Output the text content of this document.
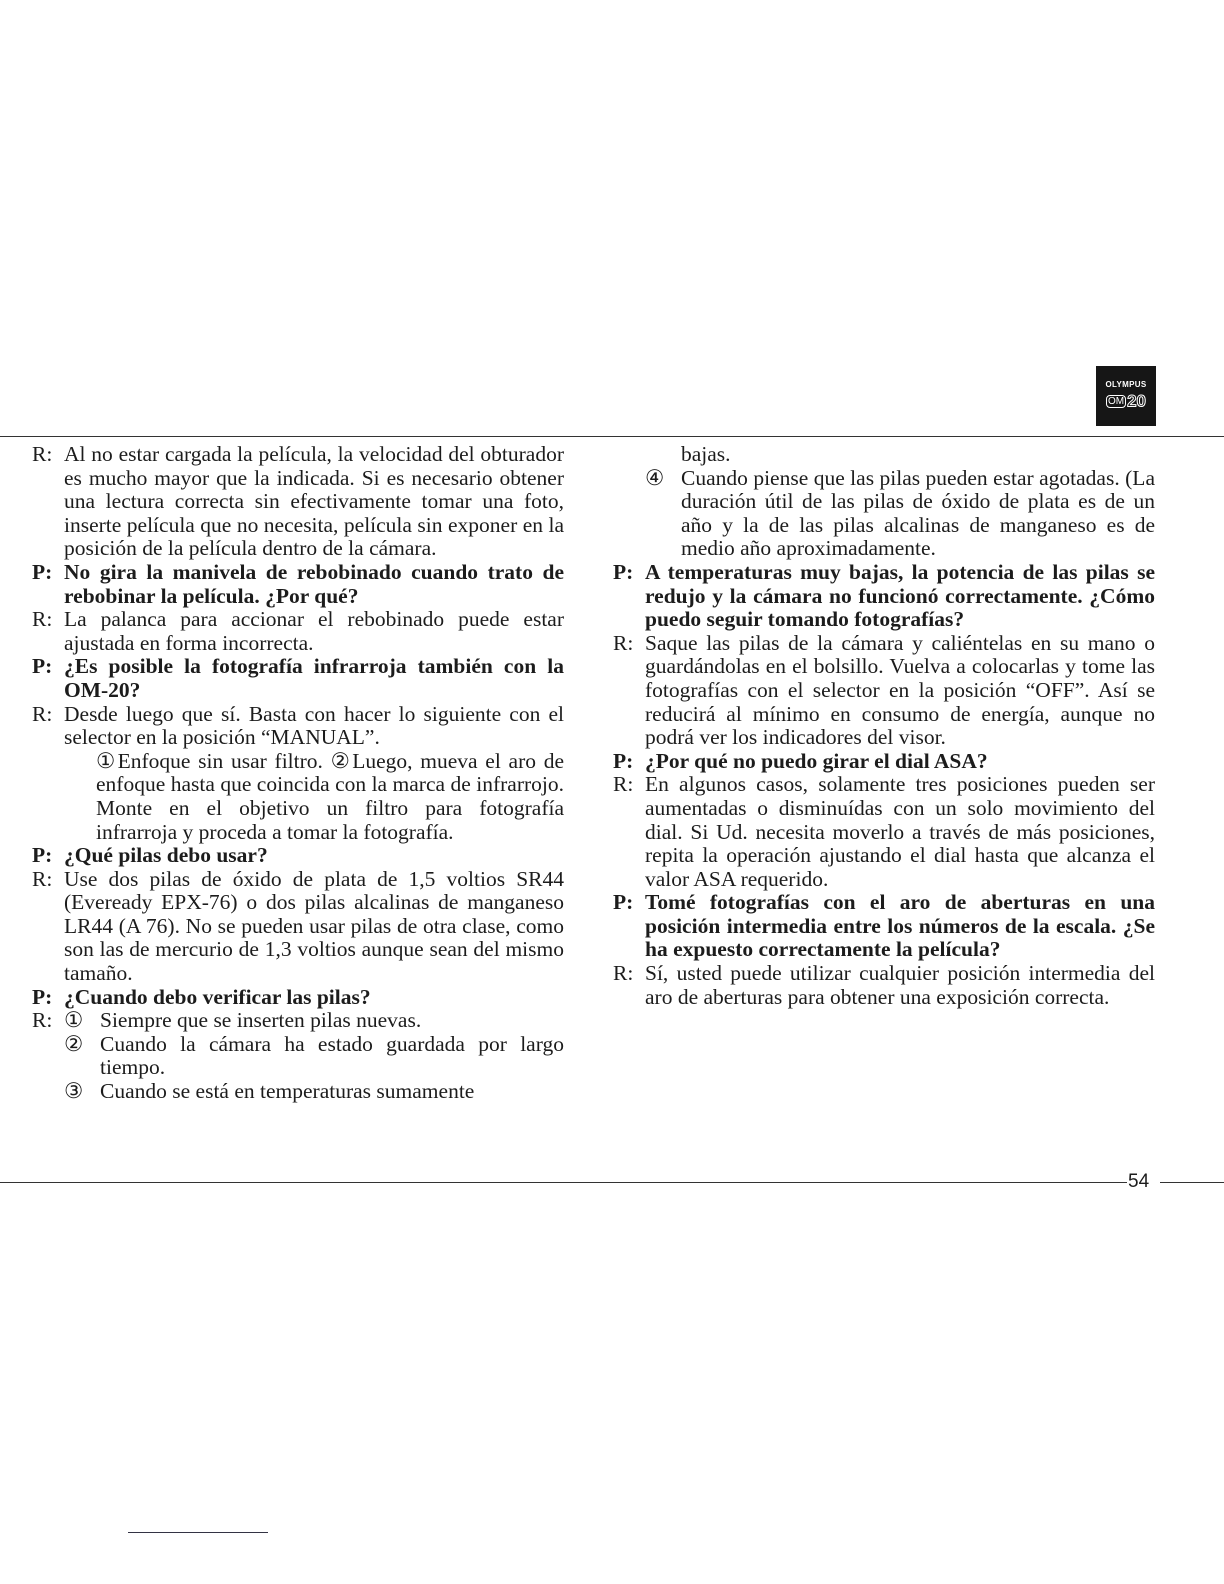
OLYMPUS
OM 20
R: Al no estar cargada la película, la velocidad del obturador es mucho mayor que la indicada. Si es necesario obtener una lectura correcta sin efectivamente tomar una foto, inserte película que no necesita, película sin exponer en la posición de la película dentro de la cámara.
P: No gira la manivela de rebobinado cuando trato de rebobinar la película. ¿Por qué?
R: La palanca para accionar el rebobinado puede estar ajustada en forma incorrecta.
P: ¿Es posible la fotografía infrarroja también con la OM-20?
R: Desde luego que sí. Basta con hacer lo siguiente con el selector en la posición “MANUAL”.
①Enfoque sin usar filtro. ②Luego, mueva el aro de enfoque hasta que coincida con la marca de infrarrojo. Monte en el objetivo un filtro para fotografía infrarroja y proceda a tomar la fotografía.
P: ¿Qué pilas debo usar?
R: Use dos pilas de óxido de plata de 1,5 voltios SR44 (Eveready EPX-76) o dos pilas alcalinas de manganeso LR44 (A 76). No se pueden usar pilas de otra clase, como son las de mercurio de 1,3 voltios aunque sean del mismo tamaño.
P: ¿Cuando debo verificar las pilas?
R: ① Siempre que se inserten pilas nuevas.
② Cuando la cámara ha estado guardada por largo tiempo.
③ Cuando se está en temperaturas sumamente
bajas.
④ Cuando piense que las pilas pueden estar agotadas. (La duración útil de las pilas de óxido de plata es de un año y la de las pilas alcalinas de manganeso es de medio año aproximadamente.
P: A temperaturas muy bajas, la potencia de las pilas se redujo y la cámara no funcionó correctamente. ¿Cómo puedo seguir tomando fotografías?
R: Saque las pilas de la cámara y caliéntelas en su mano o guardándolas en el bolsillo. Vuelva a colocarlas y tome las fotografías con el selector en la posición “OFF”. Así se reducirá al mínimo en consumo de energía, aunque no podrá ver los indicadores del visor.
P: ¿Por qué no puedo girar el dial ASA?
R: En algunos casos, solamente tres posiciones pueden ser aumentadas o disminuídas con un solo movimiento del dial. Si Ud. necesita moverlo a través de más posiciones, repita la operación ajustando el dial hasta que alcanza el valor ASA requerido.
P: Tomé fotografías con el aro de aberturas en una posición intermedia entre los números de la escala. ¿Se ha expuesto correctamente la película?
R: Sí, usted puede utilizar cualquier posición intermedia del aro de aberturas para obtener una exposición correcta.
54
